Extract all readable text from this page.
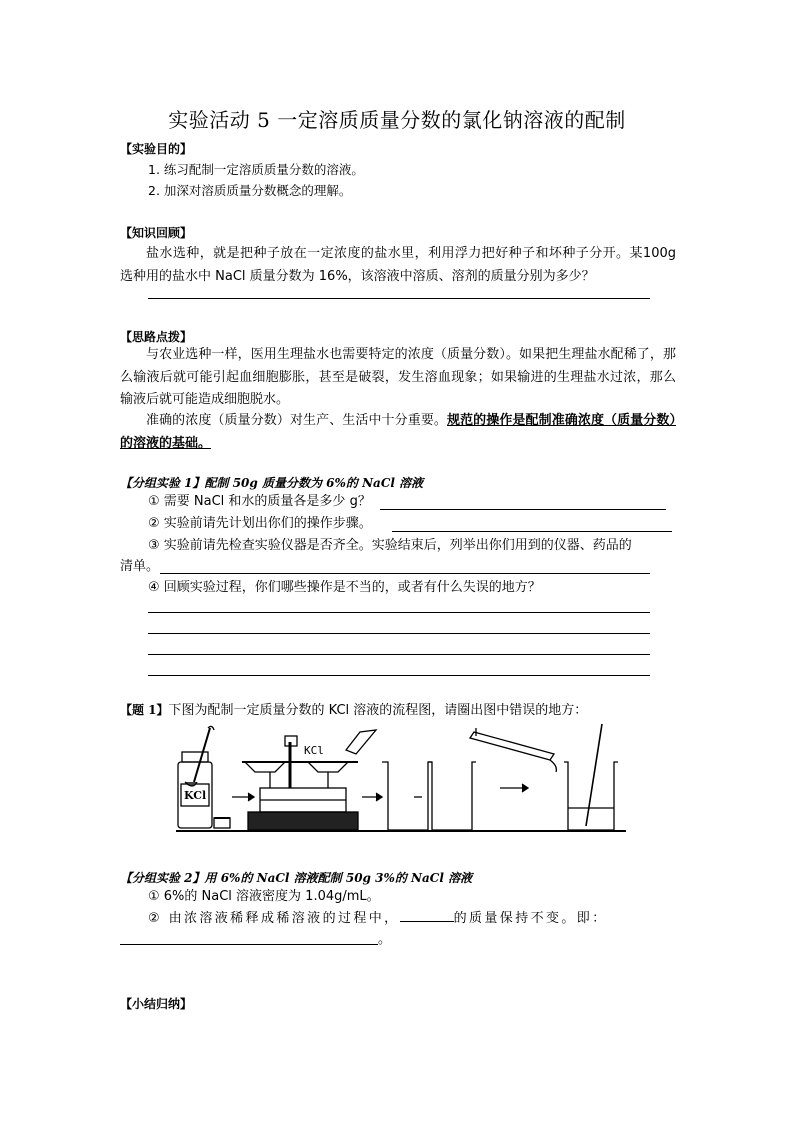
实验活动 5 一定溶质质量分数的氯化钠溶液的配制
【实验目的】
1. 练习配制一定溶质质量分数的溶液。
2. 加深对溶质质量分数概念的理解。
【知识回顾】
盐水选种，就是把种子放在一定浓度的盐水里，利用浮力把好种子和坏种子分开。某100g 选种用的盐水中 NaCl 质量分数为 16%，该溶液中溶质、溶剂的质量分别为多少？
【思路点拨】
与农业选种一样，医用生理盐水也需要特定的浓度（质量分数）。如果把生理盐水配稀了，那么输液后就可能引起血细胞膨胀，甚至是破裂，发生溶血现象；如果输进的生理盐水过浓，那么输液后就可能造成细胞脱水。
准确的浓度（质量分数）对生产、生活中十分重要。规范的操作是配制准确浓度（质量分数）的溶液的基础。
【分组实验 1】配制 50g 质量分数为 6%的 NaCl 溶液
① 需要 NaCl 和水的质量各是多少 g？
② 实验前请先计划出你们的操作步骤。
③ 实验前请先检查实验仪器是否齐全。实验结束后，列举出你们用到的仪器、药品的
清单。
④ 回顾实验过程，你们哪些操作是不当的，或者有什么失误的地方？
【题 1】下图为配制一定质量分数的 KCl 溶液的流程图，请圈出图中错误的地方：
KCl
KCl
【分组实验 2】用 6%的 NaCl 溶液配制 50g 3%的 NaCl 溶液
① 6%的 NaCl 溶液密度为 1.04g/mL。
② 由浓溶液稀释成稀溶液的过程中，	的质量保持不变。即：
。
【小结归纳】
